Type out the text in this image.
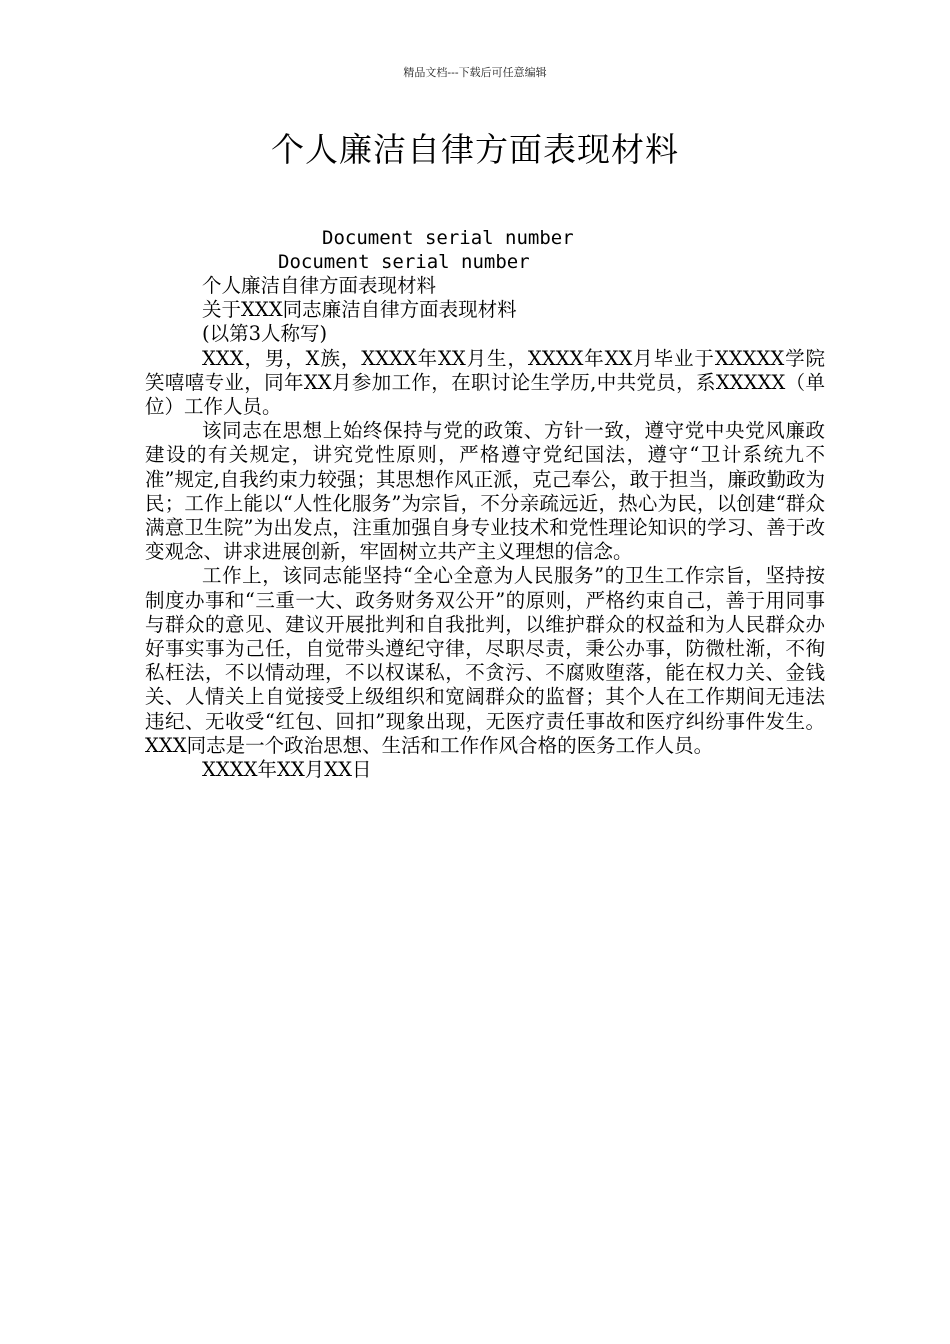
精品文档---下载后可任意编辑
个人廉洁自律方面表现材料
Document serial number
Document serial number

个人廉洁自律方面表现材料

关于XXX同志廉洁自律方面表现材料

(以第3人称写)

XXX，男，X族，XXXX年XX月生，XXXX年XX月毕业于XXXXX学院笑嘻嘻专业，同年XX月参加工作，在职讨论生学历,中共党员，系XXXXX（单位）工作人员。

该同志在思想上始终保持与党的政策、方针一致，遵守党中央党风廉政建设的有关规定，讲究党性原则，严格遵守党纪国法，遵守“卫计系统九不准”规定,自我约束力较强；其思想作风正派，克己奉公，敢于担当，廉政勤政为民；工作上能以“人性化服务”为宗旨，不分亲疏远近，热心为民，以创建“群众满意卫生院”为出发点，注重加强自身专业技术和党性理论知识的学习、善于改变观念、讲求进展创新，牢固树立共产主义理想的信念。

工作上，该同志能坚持“全心全意为人民服务”的卫生工作宗旨，坚持按制度办事和“三重一大、政务财务双公开”的原则，严格约束自己，善于用同事与群众的意见、建议开展批判和自我批判，以维护群众的权益和为人民群众办好事实事为己任，自觉带头遵纪守律，尽职尽责，秉公办事，防微杜渐，不徇私枉法，不以情动理，不以权谋私，不贪污、不腐败堕落，能在权力关、金钱关、人情关上自觉接受上级组织和宽阔群众的监督；其个人在工作期间无违法违纪、无收受“红包、回扣”现象出现，无医疗责任事故和医疗纠纷事件发生。XXX同志是一个政治思想、生活和工作作风合格的医务工作人员。

XXXX年XX月XX日
